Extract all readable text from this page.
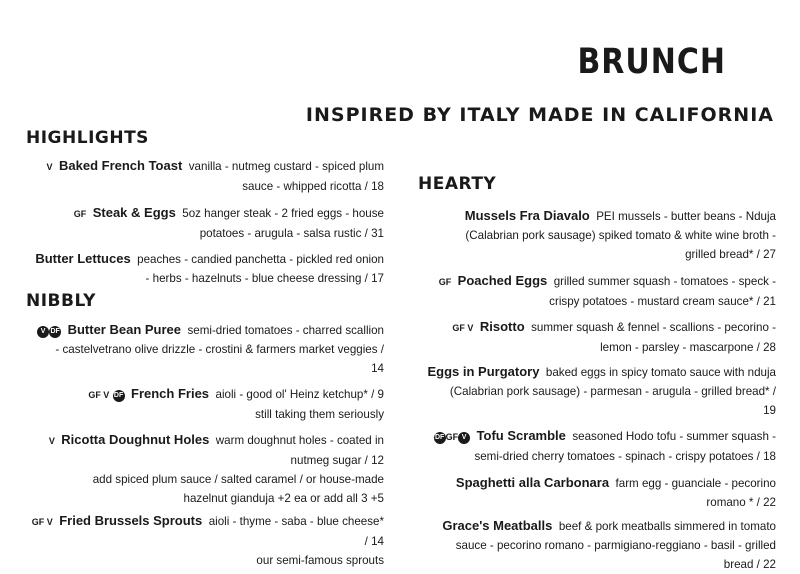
BRUNCH
INSPIRED BY ITALY MADE IN CALIFORNIA
HIGHLIGHTS
NIBBLY
HEARTY

V Baked French Toast vanilla - nutmeg custard - spiced plum
sauce - whipped ricotta / 18

GF Steak & Eggs 5oz hanger steak - 2 fried eggs - house
potatoes - arugula - salsa rustic / 31

Butter Lettuces peaches - candied panchetta - pickled red onion
- herbs - hazelnuts - blue cheese dressing / 17

V DF Butter Bean Puree semi-dried tomatoes - charred scallion
- castelvetrano olive drizzle - crostini & farmers market veggies /
14

GF V DF French Fries aioli - good ol' Heinz ketchup* / 9
still taking them seriously

V Ricotta Doughnut Holes warm doughnut holes - coated in
nutmeg sugar / 12
add spiced plum sauce / salted caramel / or house-made
hazelnut gianduja +2 ea or add all 3 +5

GF V Fried Brussels Sprouts aioli - thyme - saba - blue cheese*
/ 14
our semi-famous sprouts

Mussels Fra Diavalo PEI mussels - butter beans - Nduja
(Calabrian pork sausage) spiked tomato & white wine broth -
grilled bread* / 27

GF Poached Eggs grilled summer squash - tomatoes - speck -
crispy potatoes - mustard cream sauce* / 21

GF V Risotto summer squash & fennel - scallions - pecorino -
lemon - parsley - mascarpone / 28

Eggs in Purgatory baked eggs in spicy tomato sauce with nduja
(Calabrian pork sausage) - parmesan - arugula - grilled bread* /
19

DFGF V Tofu Scramble seasoned Hodo tofu - summer squash -
semi-dried cherry tomatoes - spinach - crispy potatoes / 18

Spaghetti alla Carbonara farm egg - guanciale - pecorino
romano * / 22

Grace's Meatballs beef & pork meatballs simmered in tomato
sauce - pecorino romano - parmigiano-reggiano - basil - grilled
bread / 22
